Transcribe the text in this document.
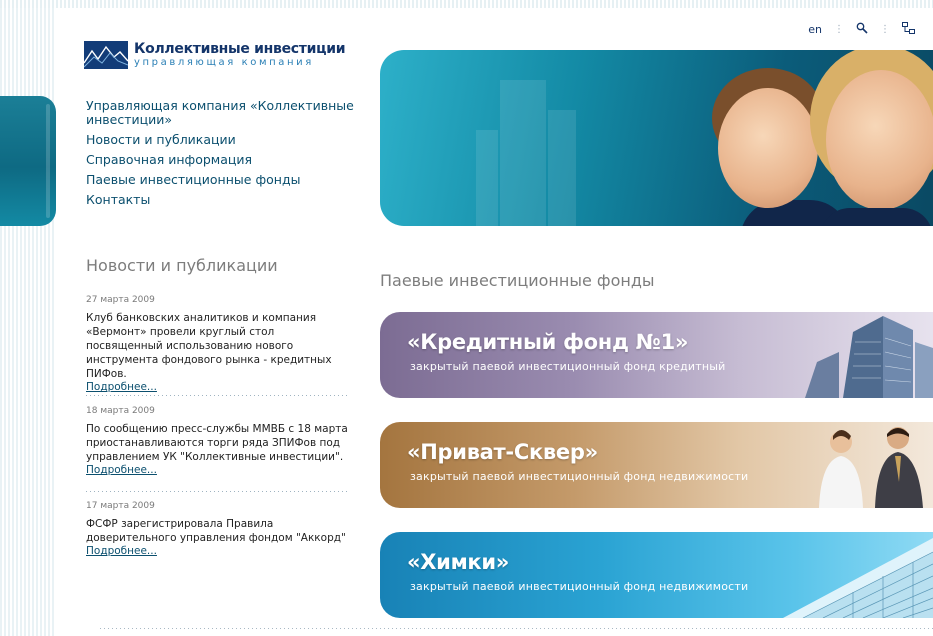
Коллективные инвестиции
управляющая компания
en ⋮	⋮
Управляющая компания «Коллективные инвестиции»
Новости и публикации
Справочная информация
Паевые инвестиционные фонды
Контакты
Новости и публикации
27 марта 2009
Клуб банковских аналитиков и компания «Вермонт» провели круглый стол посвященный использованию нового инструмента фондового рынка - кредитных ПИФов.
Подробнее...
18 марта 2009
По сообщению пресс-службы ММВБ с 18 марта приостанавливаются торги ряда ЗПИФов под управлением УК "Коллективные инвестиции".
Подробнее...
17 марта 2009
ФСФР зарегистрировала Правила доверительного управления фондом "Аккорд"
Подробнее...
Паевые инвестиционные фонды
«Кредитный фонд №1»
закрытый паевой инвестиционный фонд кредитный
«Приват-Сквер»
закрытый паевой инвестиционный фонд недвижимости
«Химки»
закрытый паевой инвестиционный фонд недвижимости
